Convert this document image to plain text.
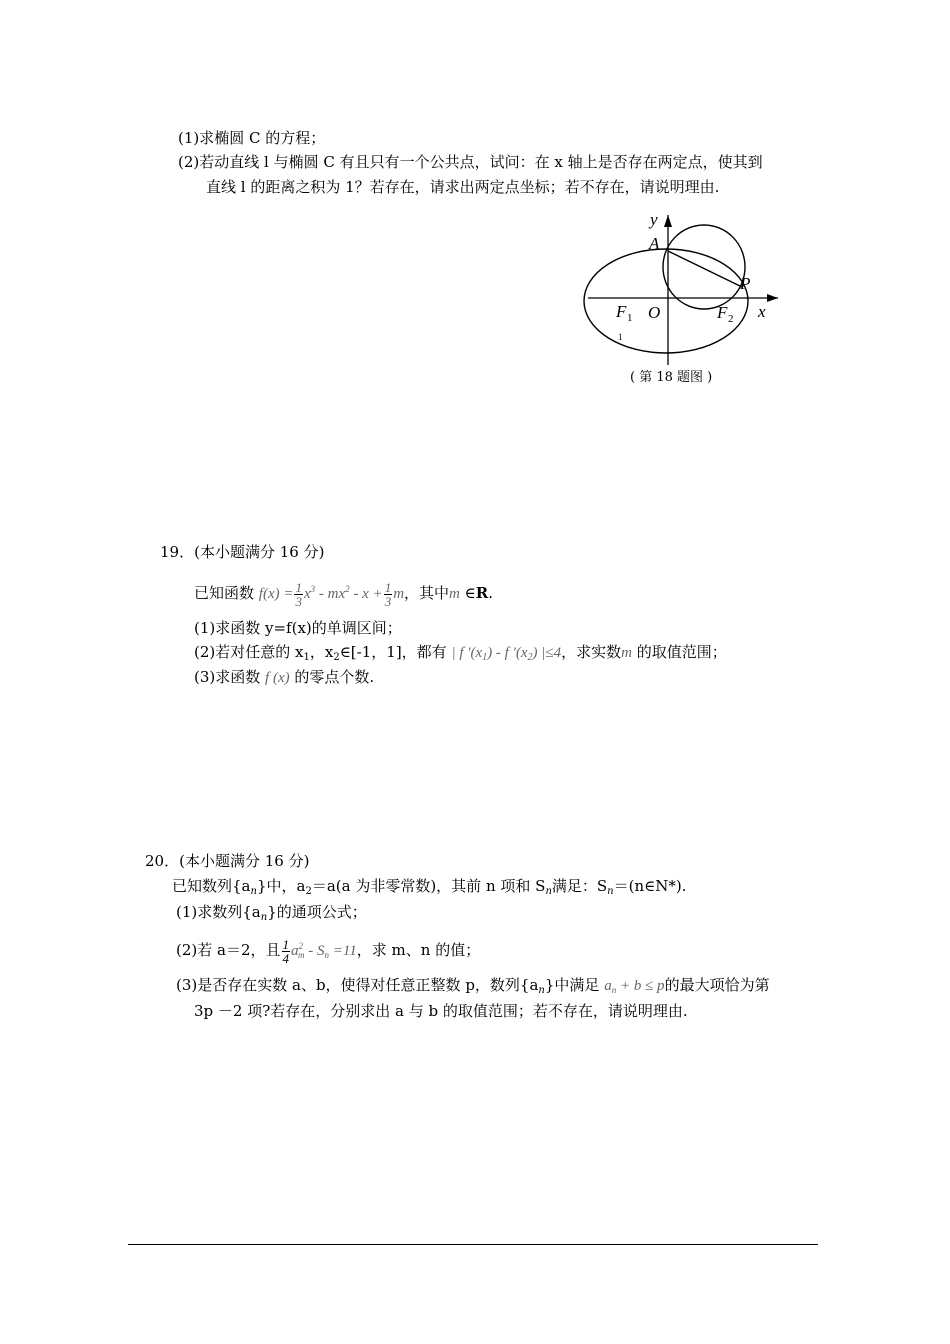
(1)求椭圆 C 的方程；
(2)若动直线 l 与椭圆 C 有且只有一个公共点，试问：在 x 轴上是否存在两定点，使其到
直线 l 的距离之积为 1？若存在，请求出两定点坐标；若不存在，请说明理由.
y
A
P
F 1 O	F 2 x
1
( 第 18 题图 )
19．(本小题满分 16 分)
已知函数 $f(x) = \frac{1}{3} x^3 - mx^2 - x + \frac{1}{3}$ m，其中m ∈R.
(1)求函数 y=f(x)的单调区间；
(2)若对任意的 $x_1$，$x_2\in[-1$，1]，都有 | f $'(x_1)$ - f $'(x_2)$ |≤4，求实数m 的取值范围；
(3)求函数 f (x) 的零点个数.
20．(本小题满分 16 分)
已知数列$\{a_n\}$中，$a_2=a(a$ 为非零常数)，其前 n 项和 $S_n$满足：$S_n=(n\in N*)$.
(1)求数列$\{a_n\}$的通项公式；
(2)若 a＝2，且 $\frac{1}{4} a^2_m - S_n =11$，求 m、n 的值；
(3)是否存在实数 a、b，使得对任意正整数 p，数列$\{a_n\}$中满足 $a_n + b \le p$的最大项恰为第
3p －2 项?若存在，分别求出 a 与 b 的取值范围；若不存在，请说明理由.
